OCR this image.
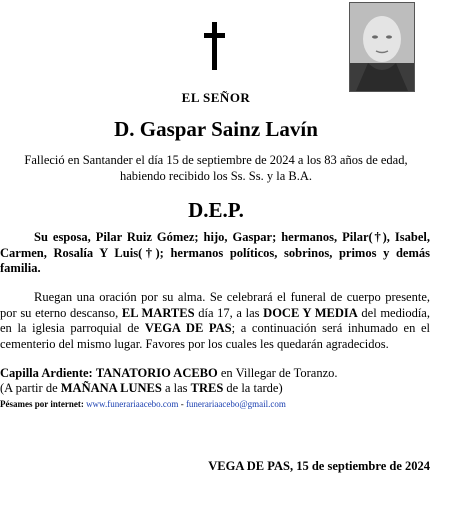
EL SEÑOR
D. Gaspar Sainz Lavín
Falleció en Santander el día 15 de septiembre de 2024 a los 83 años de edad,
habiendo recibido los Ss. Ss. y la B.A.
D.E.P.
Su esposa, Pilar Ruiz Gómez; hijo, Gaspar; hermanos, Pilar(†), Isabel, Carmen, Rosalía Y Luis(†); hermanos políticos, sobrinos, primos y demás familia.
Ruegan una oración por su alma. Se celebrará el funeral de cuerpo presente, por su eterno descanso, EL MARTES día 17, a las DOCE Y MEDIA del mediodía, en la iglesia parroquial de VEGA DE PAS; a continuación será inhumado en el cementerio del mismo lugar. Favores por los cuales les quedarán agradecidos.
Capilla Ardiente: TANATORIO ACEBO en Villegar de Toranzo.
(A partir de MAÑANA LUNES a las TRES de la tarde)
Pésames por internet: www.funerariaacebo.com - funerariaacebo@gmail.com
VEGA DE PAS, 15 de septiembre de 2024
